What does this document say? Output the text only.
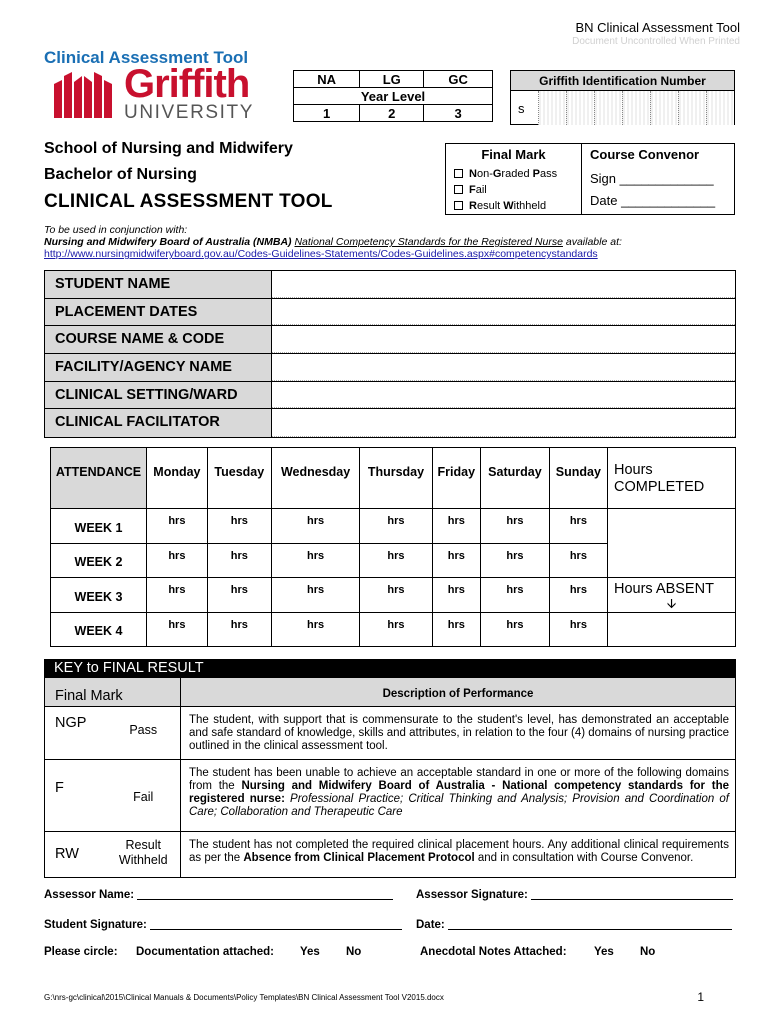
BN Clinical Assessment Tool
Document Uncontrolled When Printed
Clinical Assessment Tool
Griffith
UNIVERSITY
NA	LG	GC
Year Level		
1	2	3
Griffith Identification Number
s
School of Nursing and Midwifery
Bachelor of Nursing
CLINICAL ASSESSMENT TOOL
Final Mark
Non-Graded Pass
Fail
Result Withheld
Course Convenor
Sign _____________
Date _____________
To be used in conjunction with:
Nursing and Midwifery Board of Australia (NMBA) National Competency Standards for the Registered Nurse available at:
http://www.nursingmidwiferyboard.gov.au/Codes-Guidelines-Statements/Codes-Guidelines.aspx#competencystandards
STUDENT NAME
PLACEMENT DATES
COURSE NAME & CODE
FACILITY/AGENCY NAME
CLINICAL SETTING/WARD
CLINICAL FACILITATOR
ATTENDANCE	Monday	Tuesday	Wednesday	Thursday	Friday	Saturday	Sunday	Hours
COMPLETED
WEEK 1	hrs	hrs	hrs	hrs	hrs	hrs	hrs	
WEEK 2	hrs	hrs	hrs	hrs	hrs	hrs	hrs	
WEEK 3	hrs	hrs	hrs	hrs	hrs	hrs	hrs	Hours ABSENT
🡫

WEEK 4	hrs	hrs	hrs	hrs	hrs	hrs	hrs	
KEY to FINAL RESULT
Final Mark		Description of Performance
NGP	Pass	The student, with support that is commensurate to the student's level, has demonstrated an acceptable and safe standard of knowledge, skills and attributes, in relation to the four (4) domains of nursing practice outlined in the clinical assessment tool.
F	Fail	The student has been unable to achieve an acceptable standard in one or more of the following domains from the Nursing and Midwifery Board of Australia - National competency standards for the registered nurse: Professional Practice; Critical Thinking and Analysis; Provision and Coordination of Care; Collaboration and Therapeutic Care
RW	Result Withheld	The student has not completed the required clinical placement hours. Any additional clinical requirements as per the Absence from Clinical Placement Protocol and in consultation with Course Convenor.
Assessor Name:	Assessor Signature:
Student Signature:	Date:
Please circle: Documentation attached: Yes No	Anecdotal Notes Attached: Yes No
G:\nrs-gc\clinical\2015\Clinical Manuals & Documents\Policy Templates\BN Clinical Assessment Tool V2015.docx	1
